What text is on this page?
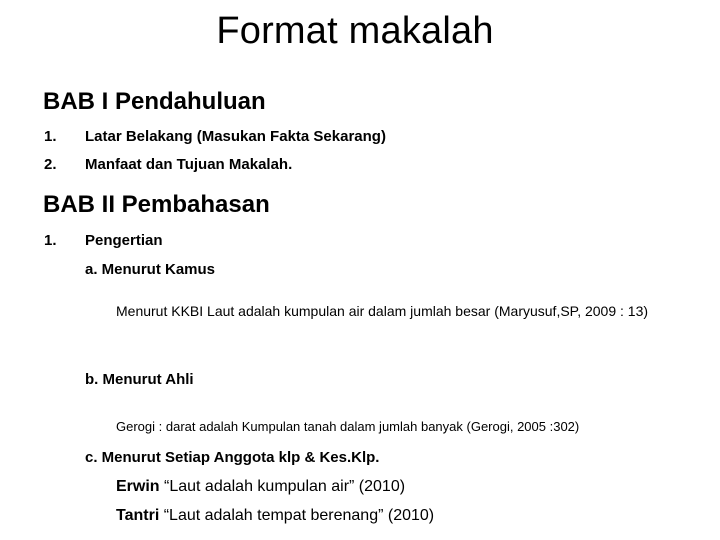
Format makalah
BAB I Pendahuluan
1. Latar Belakang (Masukan Fakta Sekarang)
2. Manfaat dan Tujuan Makalah.
BAB II Pembahasan
1. Pengertian
a. Menurut Kamus
Menurut KKBI Laut adalah kumpulan air dalam jumlah besar (Maryusuf,SP, 2009 : 13)
b. Menurut Ahli
Gerogi : darat adalah Kumpulan tanah dalam jumlah banyak (Gerogi, 2005 :302)
c. Menurut Setiap Anggota klp & Kes.Klp.
Erwin “Laut adalah kumpulan air” (2010)
Tantri “Laut adalah tempat berenang” (2010)
